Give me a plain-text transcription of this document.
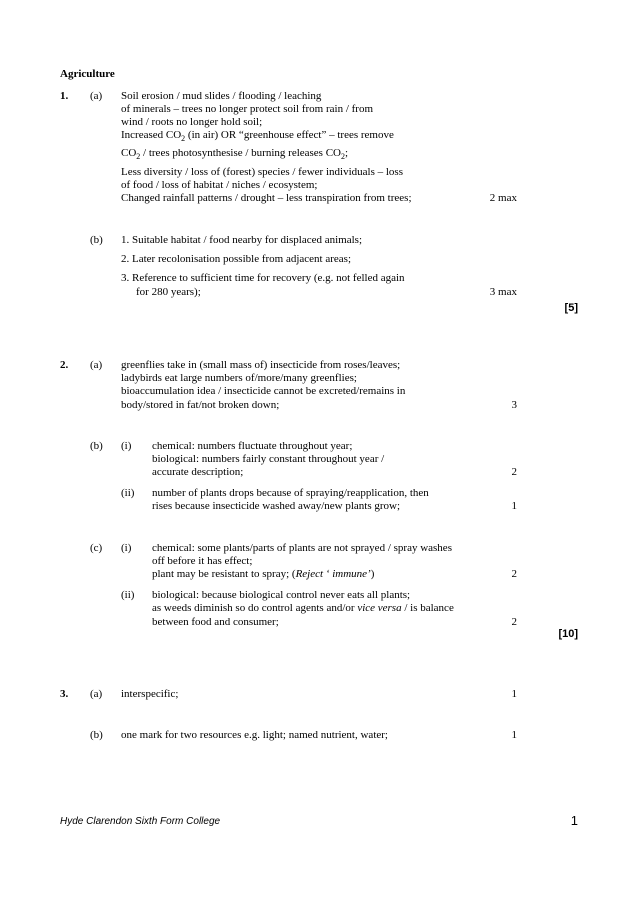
Agriculture
1. (a) Soil erosion / mud slides / flooding / leaching
of minerals – trees no longer protect soil from rain / from
wind / roots no longer hold soil;
Increased $CO_2$ (in air) OR “greenhouse effect” – trees remove
$CO_2$ / trees photosynthesise / burning releases $CO_2$;
Less diversity / loss of (forest) species / fewer individuals – loss
of food / loss of habitat / niches / ecosystem;
Changed rainfall patterns / drought – less transpiration from trees;	2 max
(b) 1. Suitable habitat / food nearby for displaced animals;
2. Later recolonisation possible from adjacent areas;
3. Reference to sufficient time for recovery (e.g. not felled again
for 280 years);	3 max
[5]
2. (a) greenflies take in (small mass of) insecticide from roses/leaves;
ladybirds eat large numbers of/more/many greenflies;
bioaccumulation idea / insecticide cannot be excreted/remains in
body/stored in fat/not broken down;	3
(b) (i) chemical: numbers fluctuate throughout year;
biological: numbers fairly constant throughout year /
accurate description;	2
(ii) number of plants drops because of spraying/reapplication, then
rises because insecticide washed away/new plants grow;	1
(c) (i) chemical: some plants/parts of plants are not sprayed / spray washes
off before it has effect;
plant may be resistant to spray; (Reject ‘ immune’)	2
(ii) biological: because biological control never eats all plants;
as weeds diminish so do control agents and/or vice versa / is balance
between food and consumer;	2
[10]
3. (a) interspecific;	1
(b) one mark for two resources e.g. light; named nutrient, water;	1
Hyde Clarendon Sixth Form College	1
